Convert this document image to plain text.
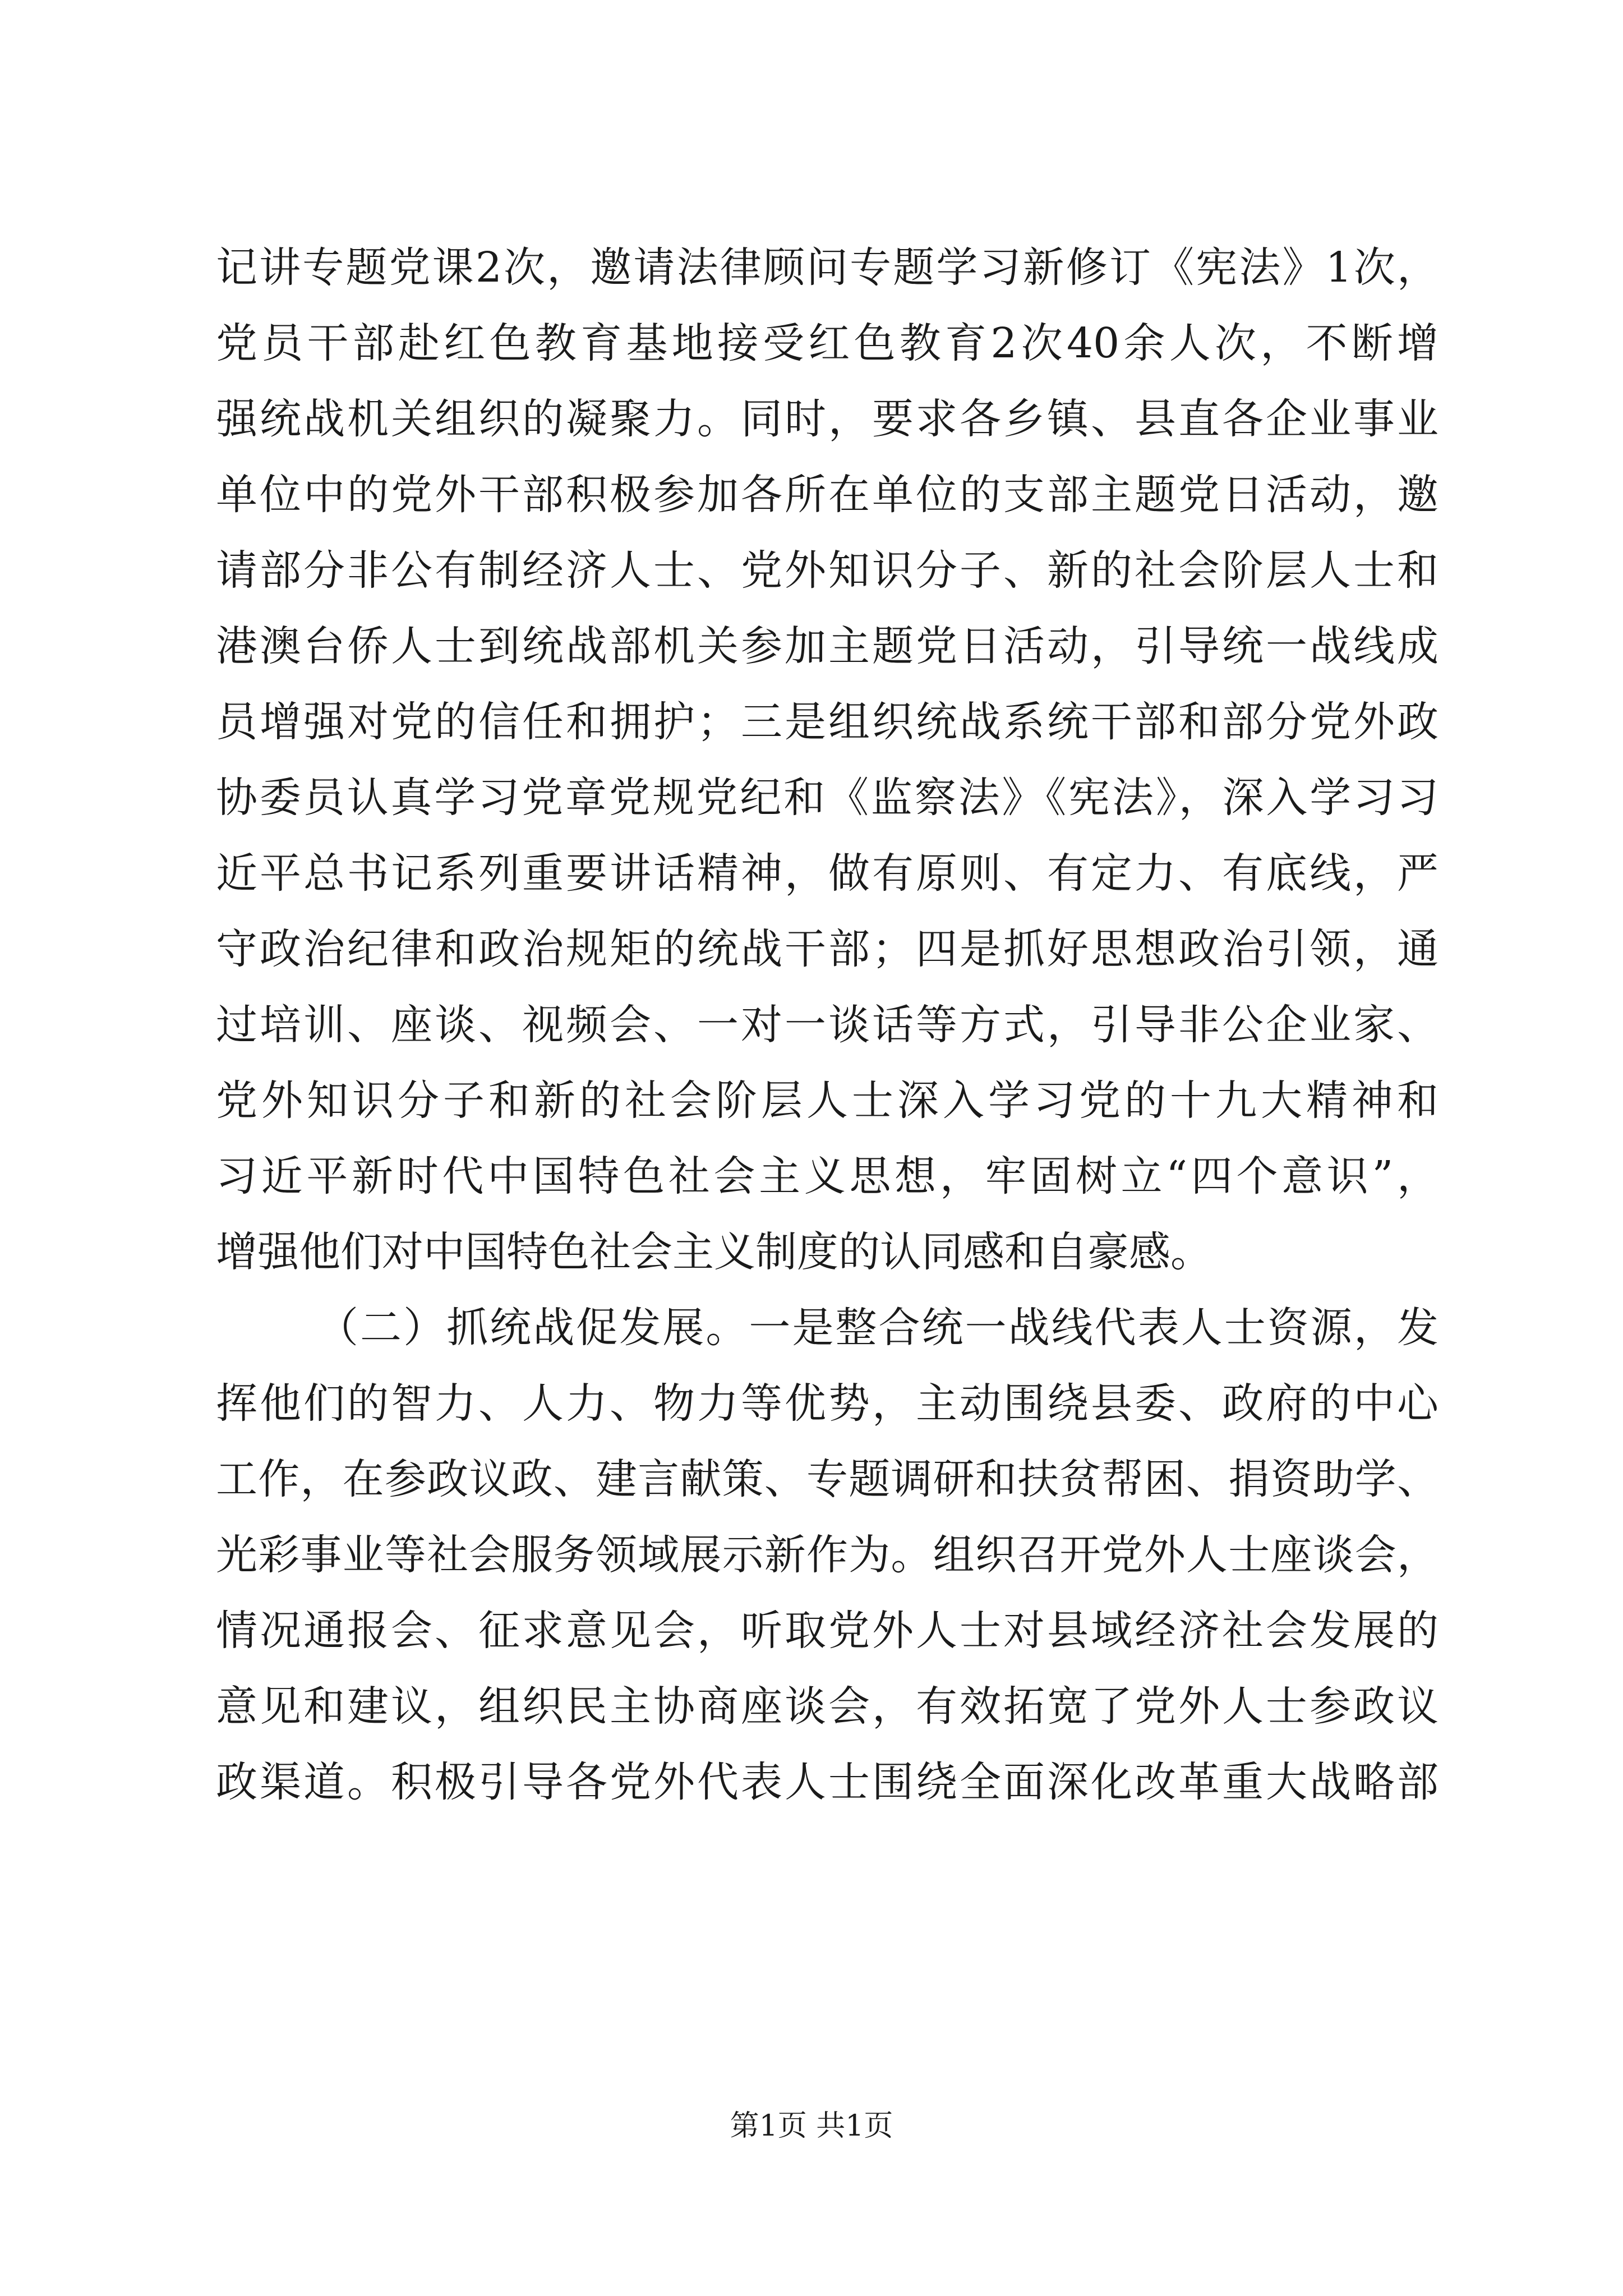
记讲专题党课2次，邀请法律顾问专题学习新修订《宪法》1次，
党员干部赴红色教育基地接受红色教育2次40余人次，不断增
强统战机关组织的凝聚力。同时，要求各乡镇、县直各企业事业
单位中的党外干部积极参加各所在单位的支部主题党日活动，邀
请部分非公有制经济人士、党外知识分子、新的社会阶层人士和
港澳台侨人士到统战部机关参加主题党日活动，引导统一战线成
员增强对党的信任和拥护；三是组织统战系统干部和部分党外政
协委员认真学习党章党规党纪和《监察法》《宪法》，深入学习习
近平总书记系列重要讲话精神，做有原则、有定力、有底线，严
守政治纪律和政治规矩的统战干部；四是抓好思想政治引领，通
过培训、座谈、视频会、一对一谈话等方式，引导非公企业家、
党外知识分子和新的社会阶层人士深入学习党的十九大精神和
习近平新时代中国特色社会主义思想，牢固树立“四个意识”，
增强他们对中国特色社会主义制度的认同感和自豪感。
（二）抓统战促发展。一是整合统一战线代表人士资源，发
挥他们的智力、人力、物力等优势，主动围绕县委、政府的中心
工作，在参政议政、建言献策、专题调研和扶贫帮困、捐资助学、
光彩事业等社会服务领域展示新作为。组织召开党外人士座谈会，
情况通报会、征求意见会，听取党外人士对县域经济社会发展的
意见和建议，组织民主协商座谈会，有效拓宽了党外人士参政议
政渠道。积极引导各党外代表人士围绕全面深化改革重大战略部
第1页 共1页
